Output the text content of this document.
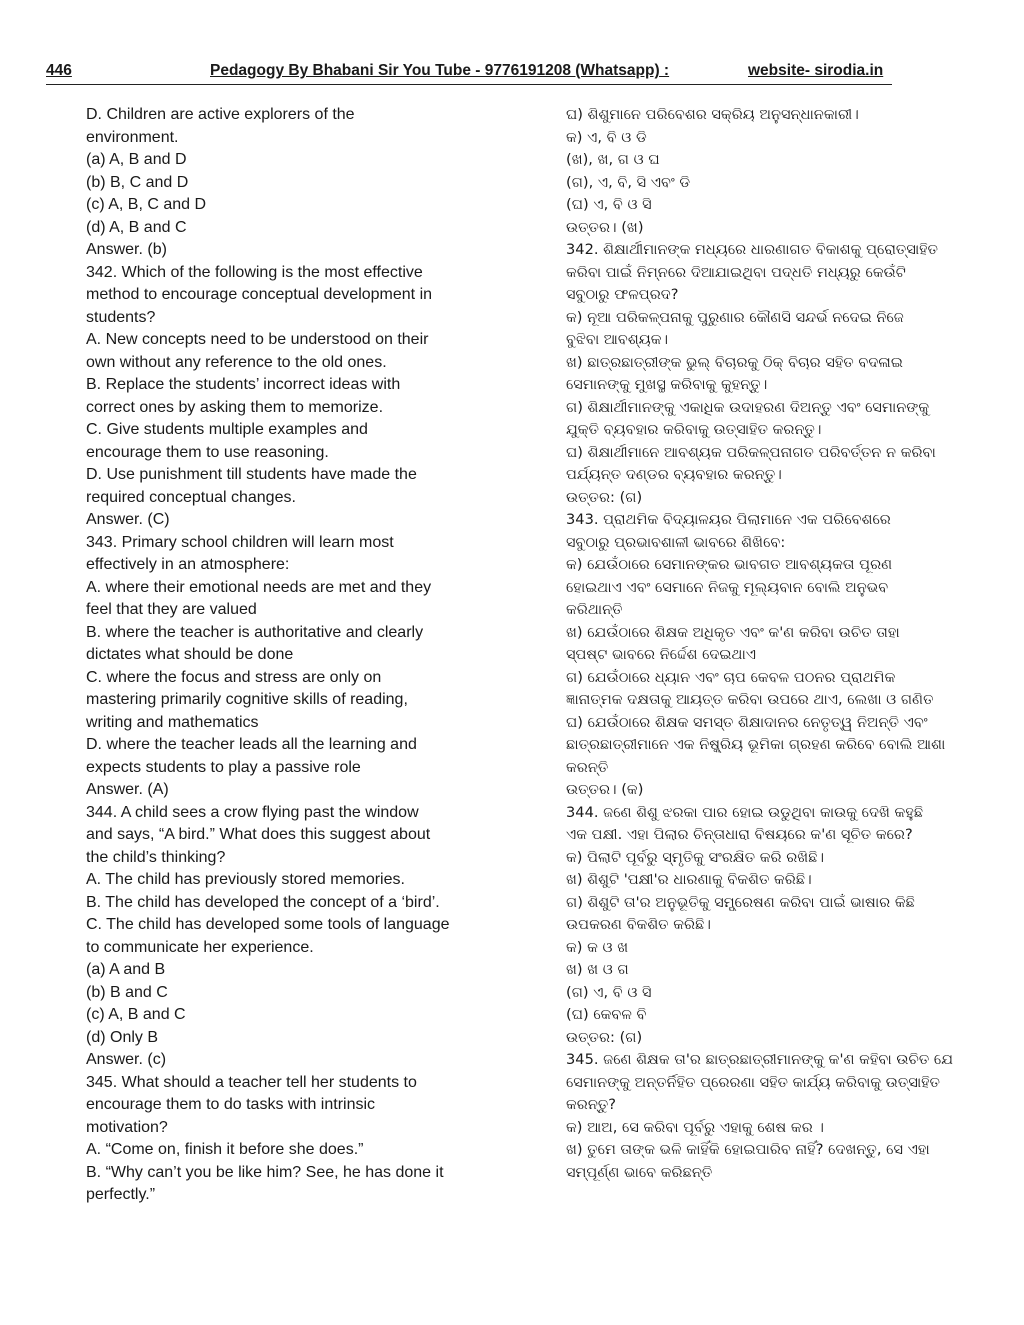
446	Pedagogy By Bhabani Sir You Tube - 9776191208 (Whatsapp) :	website- sirodia.in
D. Children are active explorers of the
environment.
(a) A, B and D
(b) B, C and D
(c) A, B, C and D
(d) A, B and C
Answer. (b)
342. Which of the following is the most effective
method to encourage conceptual development in
students?
A. New concepts need to be understood on their
own without any reference to the old ones.
B. Replace the students’ incorrect ideas with
correct ones by asking them to memorize.
C. Give students multiple examples and
encourage them to use reasoning.
D. Use punishment till students have made the
required conceptual changes.
Answer. (C)
343. Primary school children will learn most
effectively in an atmosphere:
A. where their emotional needs are met and they
feel that they are valued
B. where the teacher is authoritative and clearly
dictates what should be done
C. where the focus and stress are only on
mastering primarily cognitive skills of reading,
writing and mathematics
D. where the teacher leads all the learning and
expects students to play a passive role
Answer. (A)
344. A child sees a crow flying past the window
and says, “A bird.” What does this suggest about
the child’s thinking?
A. The child has previously stored memories.
B. The child has developed the concept of a ‘bird’.
C. The child has developed some tools of language
to communicate her experience.
(a) A and B
(b) B and C
(c) A, B and C
(d) Only B
Answer. (c)
345. What should a teacher tell her students to
encourage them to do tasks with intrinsic
motivation?
A. “Come on, finish it before she does.”
B. “Why can’t you be like him? See, he has done it
perfectly.”
ଘ) ଶିଶୁମାନେ ପରିବେଶର ସକ୍ରିୟ ଅନୁସନ୍ଧାନକାରୀ।
କ) ଏ, ବି ଓ ଡି
(ଖ), ଖ, ଗ ଓ ଘ
(ଗ), ଏ, ବି, ସି ଏବଂ ଡି
(ଘ) ଏ, ବି ଓ ସି
ଉତ୍ତର। (ଖ)
342. ଶିକ୍ଷାର୍ଥୀମାନଙ୍କ ମଧ୍ୟରେ ଧାରଣାଗତ ବିକାଶକୁ ପ୍ରୋତ୍ସାହିତ
କରିବା ପାଇଁ ନିମ୍ନରେ ଦିଆଯାଇଥିବା ପଦ୍ଧତି ମଧ୍ୟରୁ କେଉଁଟି
ସବୁଠାରୁ ଫଳପ୍ରଦ?
କ) ନୂଆ ପରିକଳ୍ପନାକୁ ପୁରୁଣାର କୌଣସି ସନ୍ଦର୍ଭ ନଦେଇ ନିଜେ
ବୁଝିବା ଆବଶ୍ୟକ।
ଖ) ଛାତ୍ରଛାତ୍ରୀଙ୍କ ଭୁଲ୍ ବିଚାରକୁ ଠିକ୍ ବିଚାର ସହିତ ବଦଳାଇ
ସେମାନଙ୍କୁ ମୁଖସ୍ଥ କରିବାକୁ କୁହନ୍ତୁ।
ଗ) ଶିକ୍ଷାର୍ଥୀମାନଙ୍କୁ ଏକାଧିକ ଉଦାହରଣ ଦିଅନ୍ତୁ ଏବଂ ସେମାନଙ୍କୁ
ଯୁକ୍ତି ବ୍ୟବହାର କରିବାକୁ ଉତ୍ସାହିତ କରନ୍ତୁ।
ଘ) ଶିକ୍ଷାର୍ଥୀମାନେ ଆବଶ୍ୟକ ପରିକଳ୍ପନାଗତ ପରିବର୍ତ୍ତନ ନ କରିବା
ପର୍ଯ୍ୟନ୍ତ ଦଣ୍ଡର ବ୍ୟବହାର କରନ୍ତୁ।
ଉତ୍ତର: (ଗ)
343. ପ୍ରାଥମିକ ବିଦ୍ୟାଳୟର ପିଲାମାନେ ଏକ ପରିବେଶରେ
ସବୁଠାରୁ ପ୍ରଭାବଶାଳୀ ଭାବରେ ଶିଖିବେ:
କ) ଯେଉଁଠାରେ ସେମାନଙ୍କର ଭାବଗତ ଆବଶ୍ୟକତା ପୂରଣ
ହୋଇଥାଏ ଏବଂ ସେମାନେ ନିଜକୁ ମୂଲ୍ୟବାନ ବୋଲି ଅନୁଭବ
କରିଥାନ୍ତି
ଖ) ଯେଉଁଠାରେ ଶିକ୍ଷକ ଅଧିକୃତ ଏବଂ କ'ଣ କରିବା ଉଚିତ ତାହା
ସ୍ପଷ୍ଟ ଭାବରେ ନିର୍ଦ୍ଦେଶ ଦେଇଥାଏ
ଗ) ଯେଉଁଠାରେ ଧ୍ୟାନ ଏବଂ ଚାପ କେବଳ ପଠନର ପ୍ରାଥମିକ
ଜ୍ଞାନାତ୍ମକ ଦକ୍ଷତାକୁ ଆୟତ୍ତ କରିବା ଉପରେ ଥାଏ, ଲେଖା ଓ ଗଣିତ
ଘ) ଯେଉଁଠାରେ ଶିକ୍ଷକ ସମସ୍ତ ଶିକ୍ଷାଦାନର ନେତୃତ୍ୱ ନିଅନ୍ତି ଏବଂ
ଛାତ୍ରଛାତ୍ରୀମାନେ ଏକ ନିଷ୍କ୍ରିୟ ଭୂମିକା ଗ୍ରହଣ କରିବେ ବୋଲି ଆଶା
କରନ୍ତି
ଉତ୍ତର। (କ)
344. ଜଣେ ଶିଶୁ ଝରକା ପାର ହୋଇ ଉଡୁଥିବା କାଉକୁ ଦେଖି କହୁଛି
ଏକ ପକ୍ଷୀ. ଏହା ପିଲାର ଚିନ୍ତାଧାରା ବିଷୟରେ କ'ଣ ସୂଚିତ କରେ?
କ) ପିଲାଟି ପୂର୍ବରୁ ସ୍ମୃତିକୁ ସଂରକ୍ଷିତ କରି ରଖିଛି।
ଖ) ଶିଶୁଟି 'ପକ୍ଷୀ'ର ଧାରଣାକୁ ବିକଶିତ କରିଛି।
ଗ) ଶିଶୁଟି ତା'ର ଅନୁଭୂତିକୁ ସମ୍ପ୍ରେଷଣ କରିବା ପାଇଁ ଭାଷାର କିଛି
ଉପକରଣ ବିକଶିତ କରିଛି।
କ) କ ଓ ଖ
ଖ) ଖ ଓ ଗ
(ଗ) ଏ, ବି ଓ ସି
(ଘ) କେବଳ ବି
ଉତ୍ତର: (ଗ)
345. ଜଣେ ଶିକ୍ଷକ ତା'ର ଛାତ୍ରଛାତ୍ରୀମାନଙ୍କୁ କ'ଣ କହିବା ଉଚିତ ଯେ
ସେମାନଙ୍କୁ ଅନ୍ତର୍ନିହିତ ପ୍ରେରଣା ସହିତ କାର୍ଯ୍ୟ କରିବାକୁ ଉତ୍ସାହିତ
କରନ୍ତୁ?
କ) ଆଅ, ସେ କରିବା ପୂର୍ବରୁ ଏହାକୁ ଶେଷ କର ।
ଖ) ତୁମେ ତାଙ୍କ ଭଳି କାହିଁକି ହୋଇପାରିବ ନାହିଁ? ଦେଖନ୍ତୁ, ସେ ଏହା
ସମ୍ପୂର୍ଣ୍ଣ ଭାବେ କରିଛନ୍ତି
